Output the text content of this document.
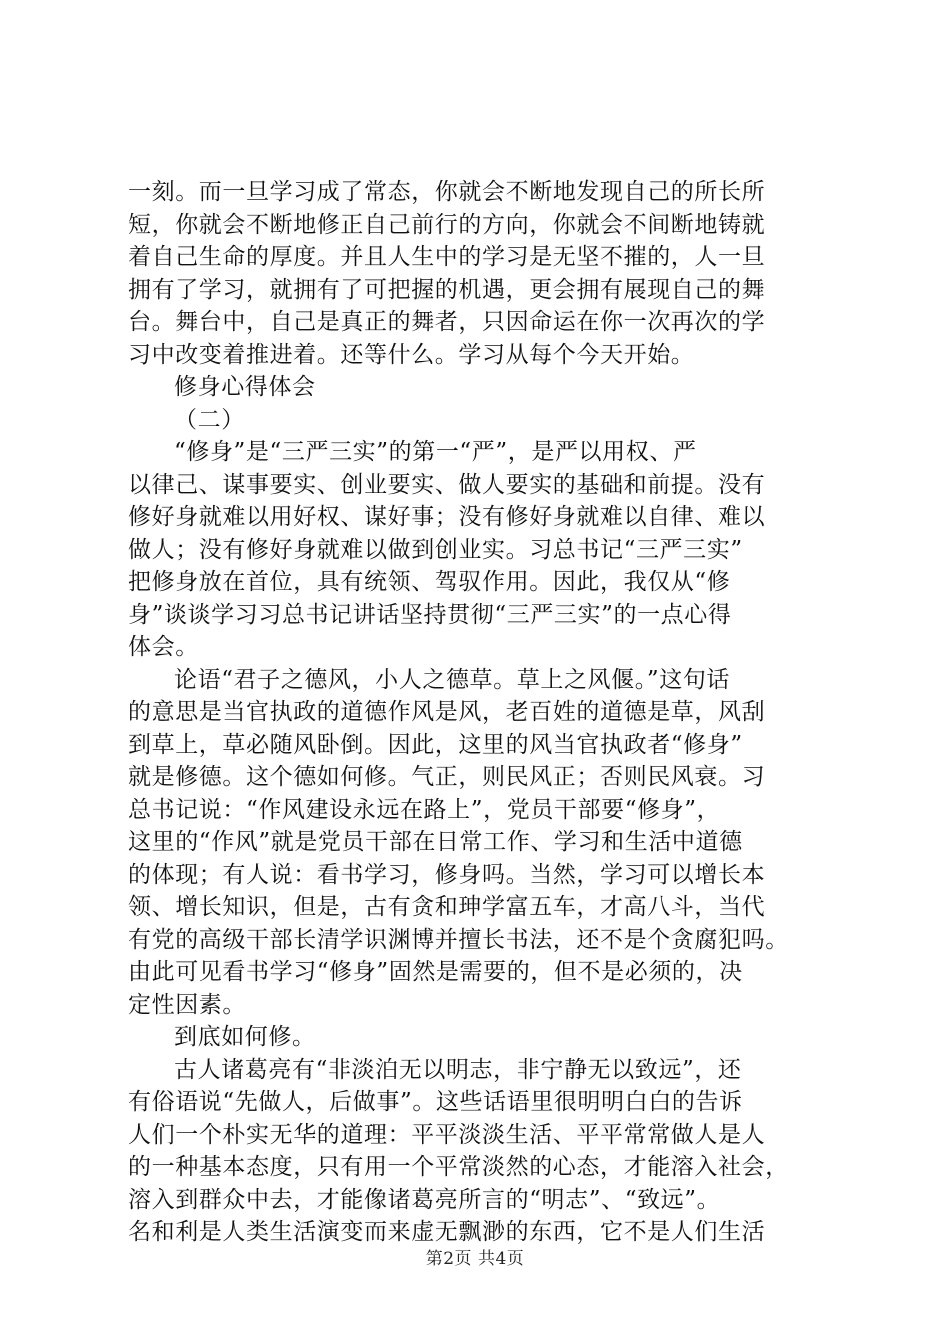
一刻。而一旦学习成了常态，你就会不断地发现自己的所长所
短，你就会不断地修正自己前行的方向，你就会不间断地铸就
着自己生命的厚度。并且人生中的学习是无坚不摧的，人一旦
拥有了学习，就拥有了可把握的机遇，更会拥有展现自己的舞
台。舞台中，自己是真正的舞者，只因命运在你一次再次的学
习中改变着推进着。还等什么。学习从每个今天开始。
修身心得体会
（二）
“修身”是“三严三实”的第一“严”，是严以用权、严
以律己、谋事要实、创业要实、做人要实的基础和前提。没有
修好身就难以用好权、谋好事；没有修好身就难以自律、难以
做人；没有修好身就难以做到创业实。习总书记“三严三实”
把修身放在首位，具有统领、驾驭作用。因此，我仅从“修
身”谈谈学习习总书记讲话坚持贯彻“三严三实”的一点心得
体会。
论语“君子之德风，小人之德草。草上之风偃。”这句话
的意思是当官执政的道德作风是风，老百姓的道德是草，风刮
到草上，草必随风卧倒。因此，这里的风当官执政者“修身”
就是修德。这个德如何修。气正，则民风正；否则民风衰。习
总书记说：“作风建设永远在路上”，党员干部要“修身”，
这里的“作风”就是党员干部在日常工作、学习和生活中道德
的体现；有人说：看书学习，修身吗。当然，学习可以增长本
领、增长知识，但是，古有贪和珅学富五车，才高八斗，当代
有党的高级干部长清学识渊博并擅长书法，还不是个贪腐犯吗。
由此可见看书学习“修身”固然是需要的，但不是必须的，决
定性因素。
到底如何修。
古人诸葛亮有“非淡泊无以明志，非宁静无以致远”，还
有俗语说“先做人，后做事”。这些话语里很明明白白的告诉
人们一个朴实无华的道理：平平淡淡生活、平平常常做人是人
的一种基本态度，只有用一个平常淡然的心态，才能溶入社会，
溶入到群众中去，才能像诸葛亮所言的“明志”、“致远”。
名和利是人类生活演变而来虚无飘渺的东西，它不是人们生活
第2页 共4页
